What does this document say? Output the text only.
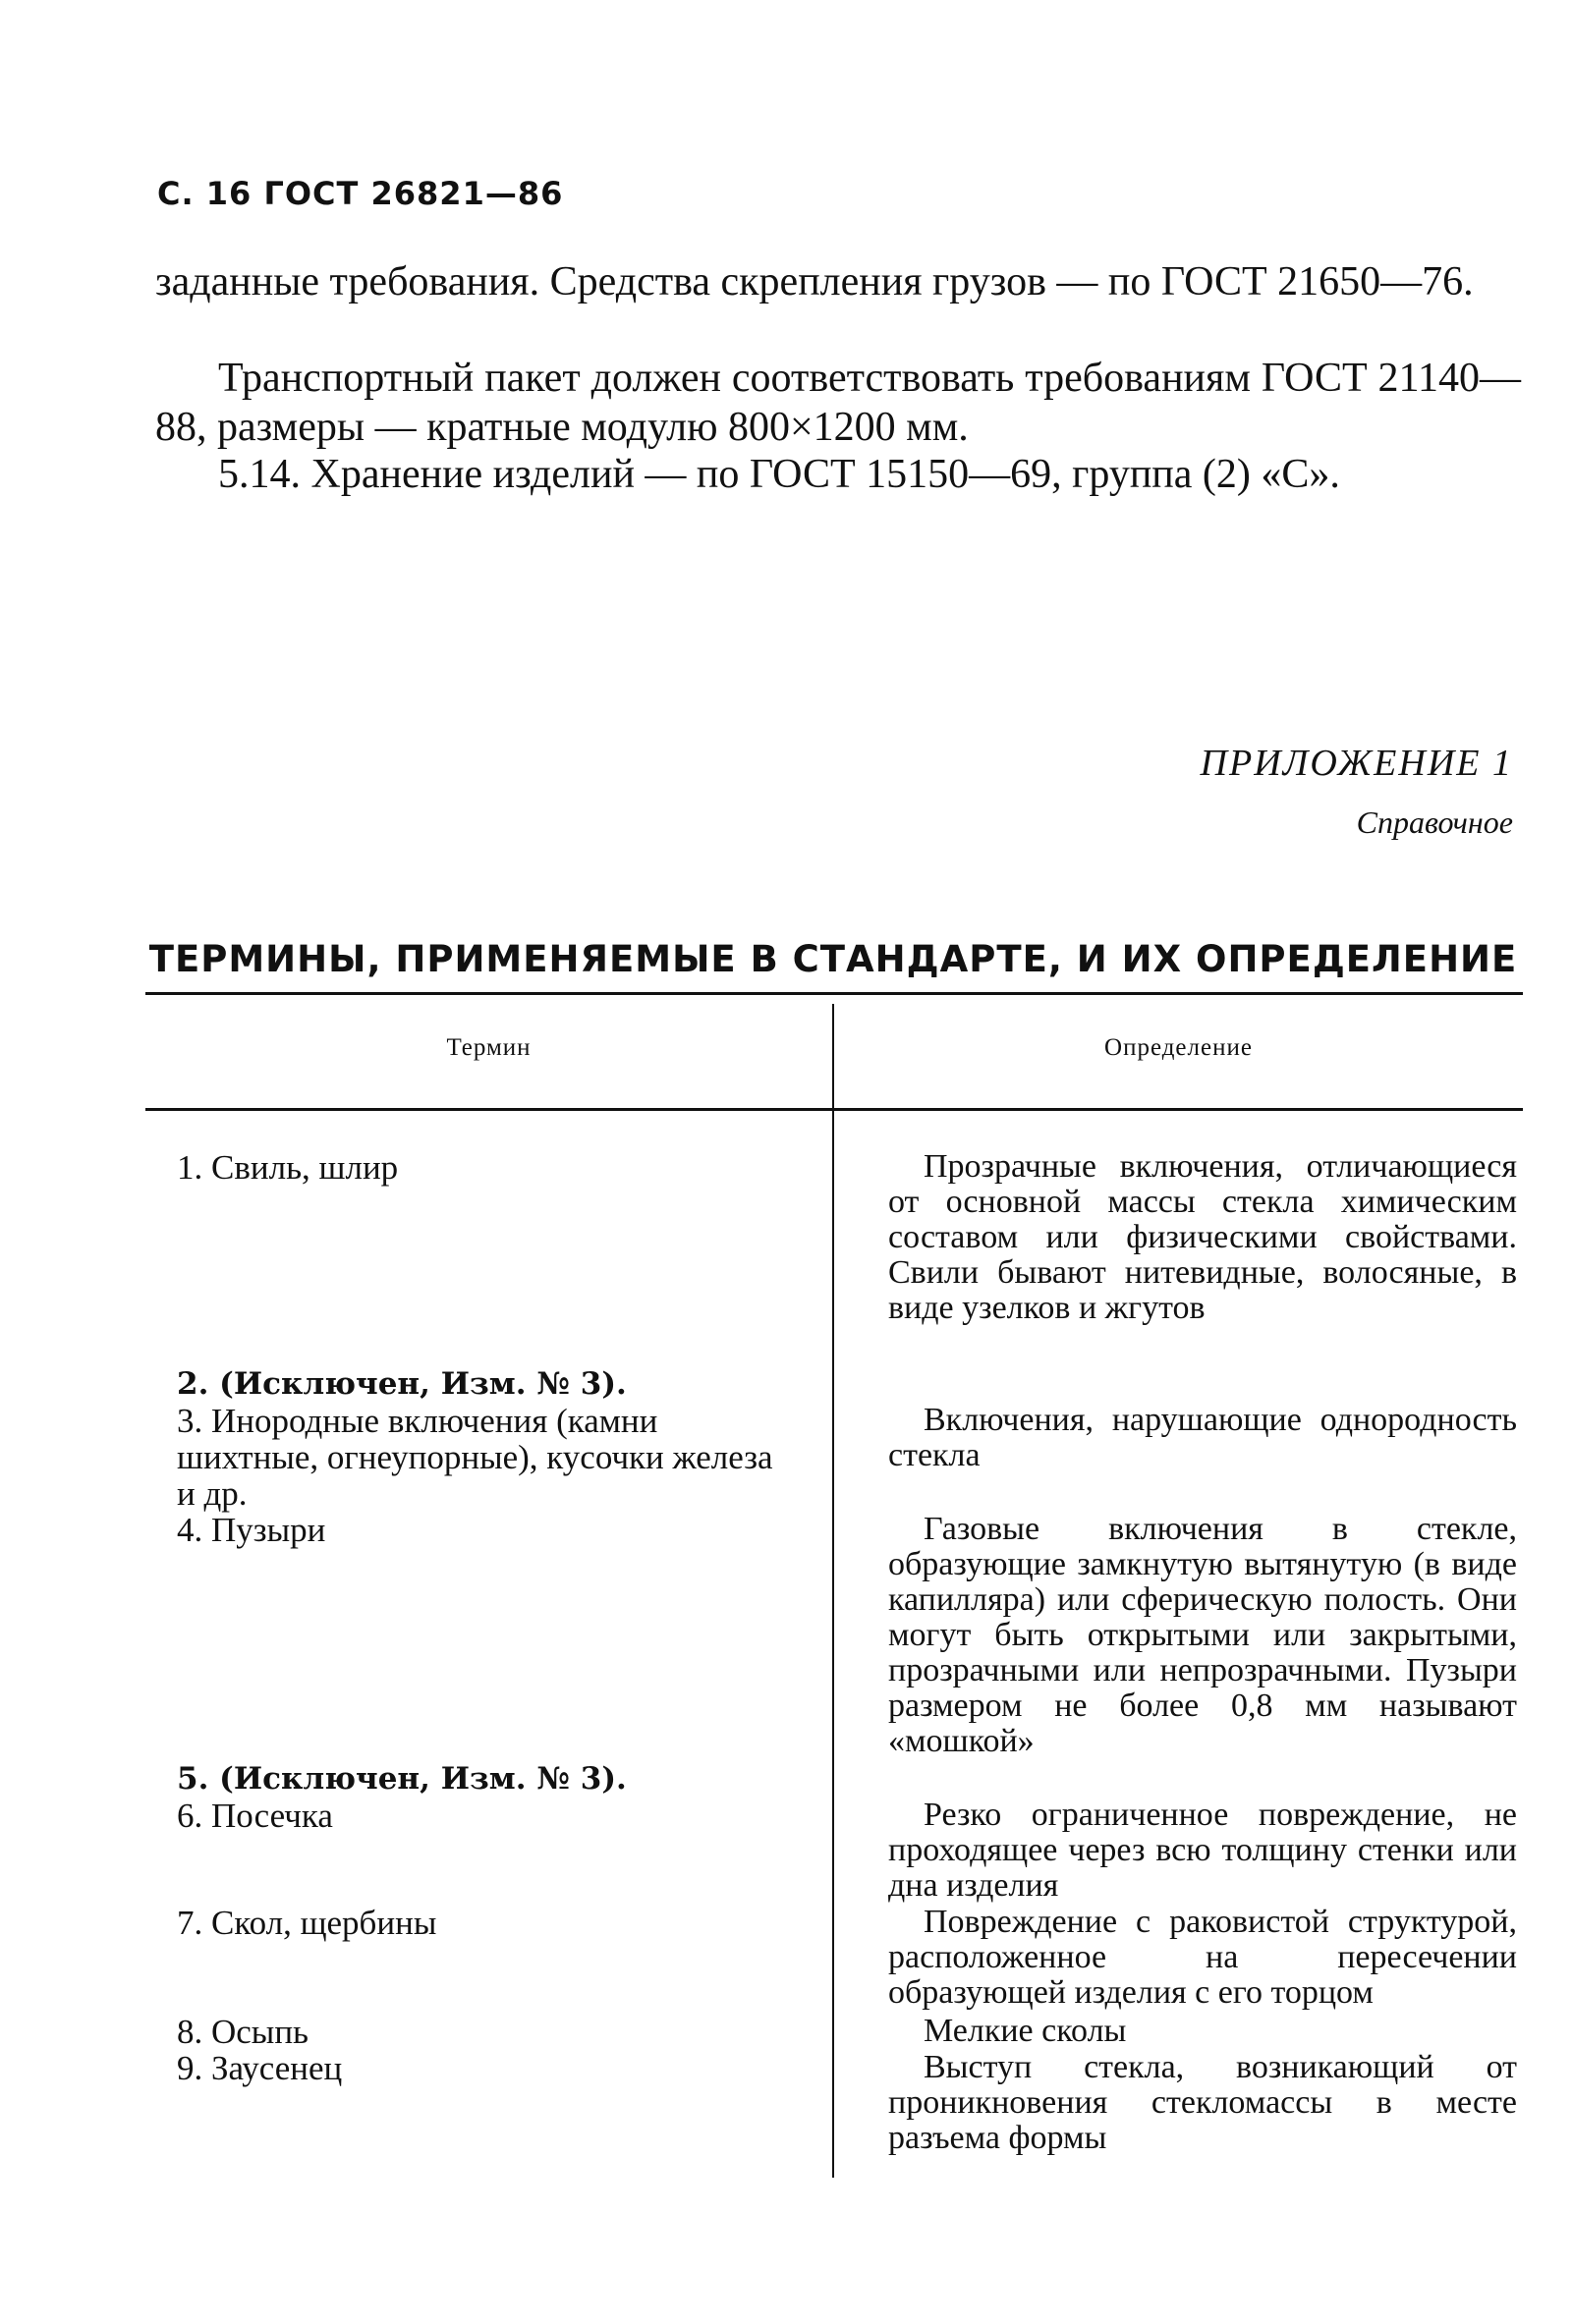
С. 16 ГОСТ 26821—86
заданные требования. Средства скрепления грузов — по ГОСТ 21650—76.
Транспортный пакет должен соответствовать требованиям ГОСТ 21140—88, размеры — кратные модулю 800×1200 мм.
5.14. Хранение изделий — по ГОСТ 15150—69, группа (2) «С».
ПРИЛОЖЕНИЕ 1
Справочное
ТЕРМИНЫ, ПРИМЕНЯЕМЫЕ В СТАНДАРТЕ, И ИХ ОПРЕДЕЛЕНИЕ
Термин	Определение
1. Свиль, шлир
2. (Исключен, Изм. № 3).
3. Инородные включения (камни шихтные, огнеупорные), кусочки железа и др.
4. Пузыри
5. (Исключен, Изм. № 3).
6. Посечка
7. Скол, щербины
8. Осыпь
9. Заусенец
Прозрачные включения, отличающиеся от основной массы стекла химическим составом или физическими свойствами. Свили бывают нитевидные, волосяные, в виде узелков и жгутов
Включения, нарушающие однородность стекла
Газовые включения в стекле, образующие замкнутую вытянутую (в виде капилляра) или сферическую полость. Они могут быть открытыми или закрытыми, прозрачными или непрозрачными. Пузыри размером не более 0,8 мм называют «мошкой»
Резко ограниченное повреждение, не проходящее через всю толщину стенки или дна изделия
Повреждение с раковистой структурой, расположенное на пересечении образующей изделия с его торцом
Мелкие сколы
Выступ стекла, возникающий от проникновения стекломассы в месте разъема формы
